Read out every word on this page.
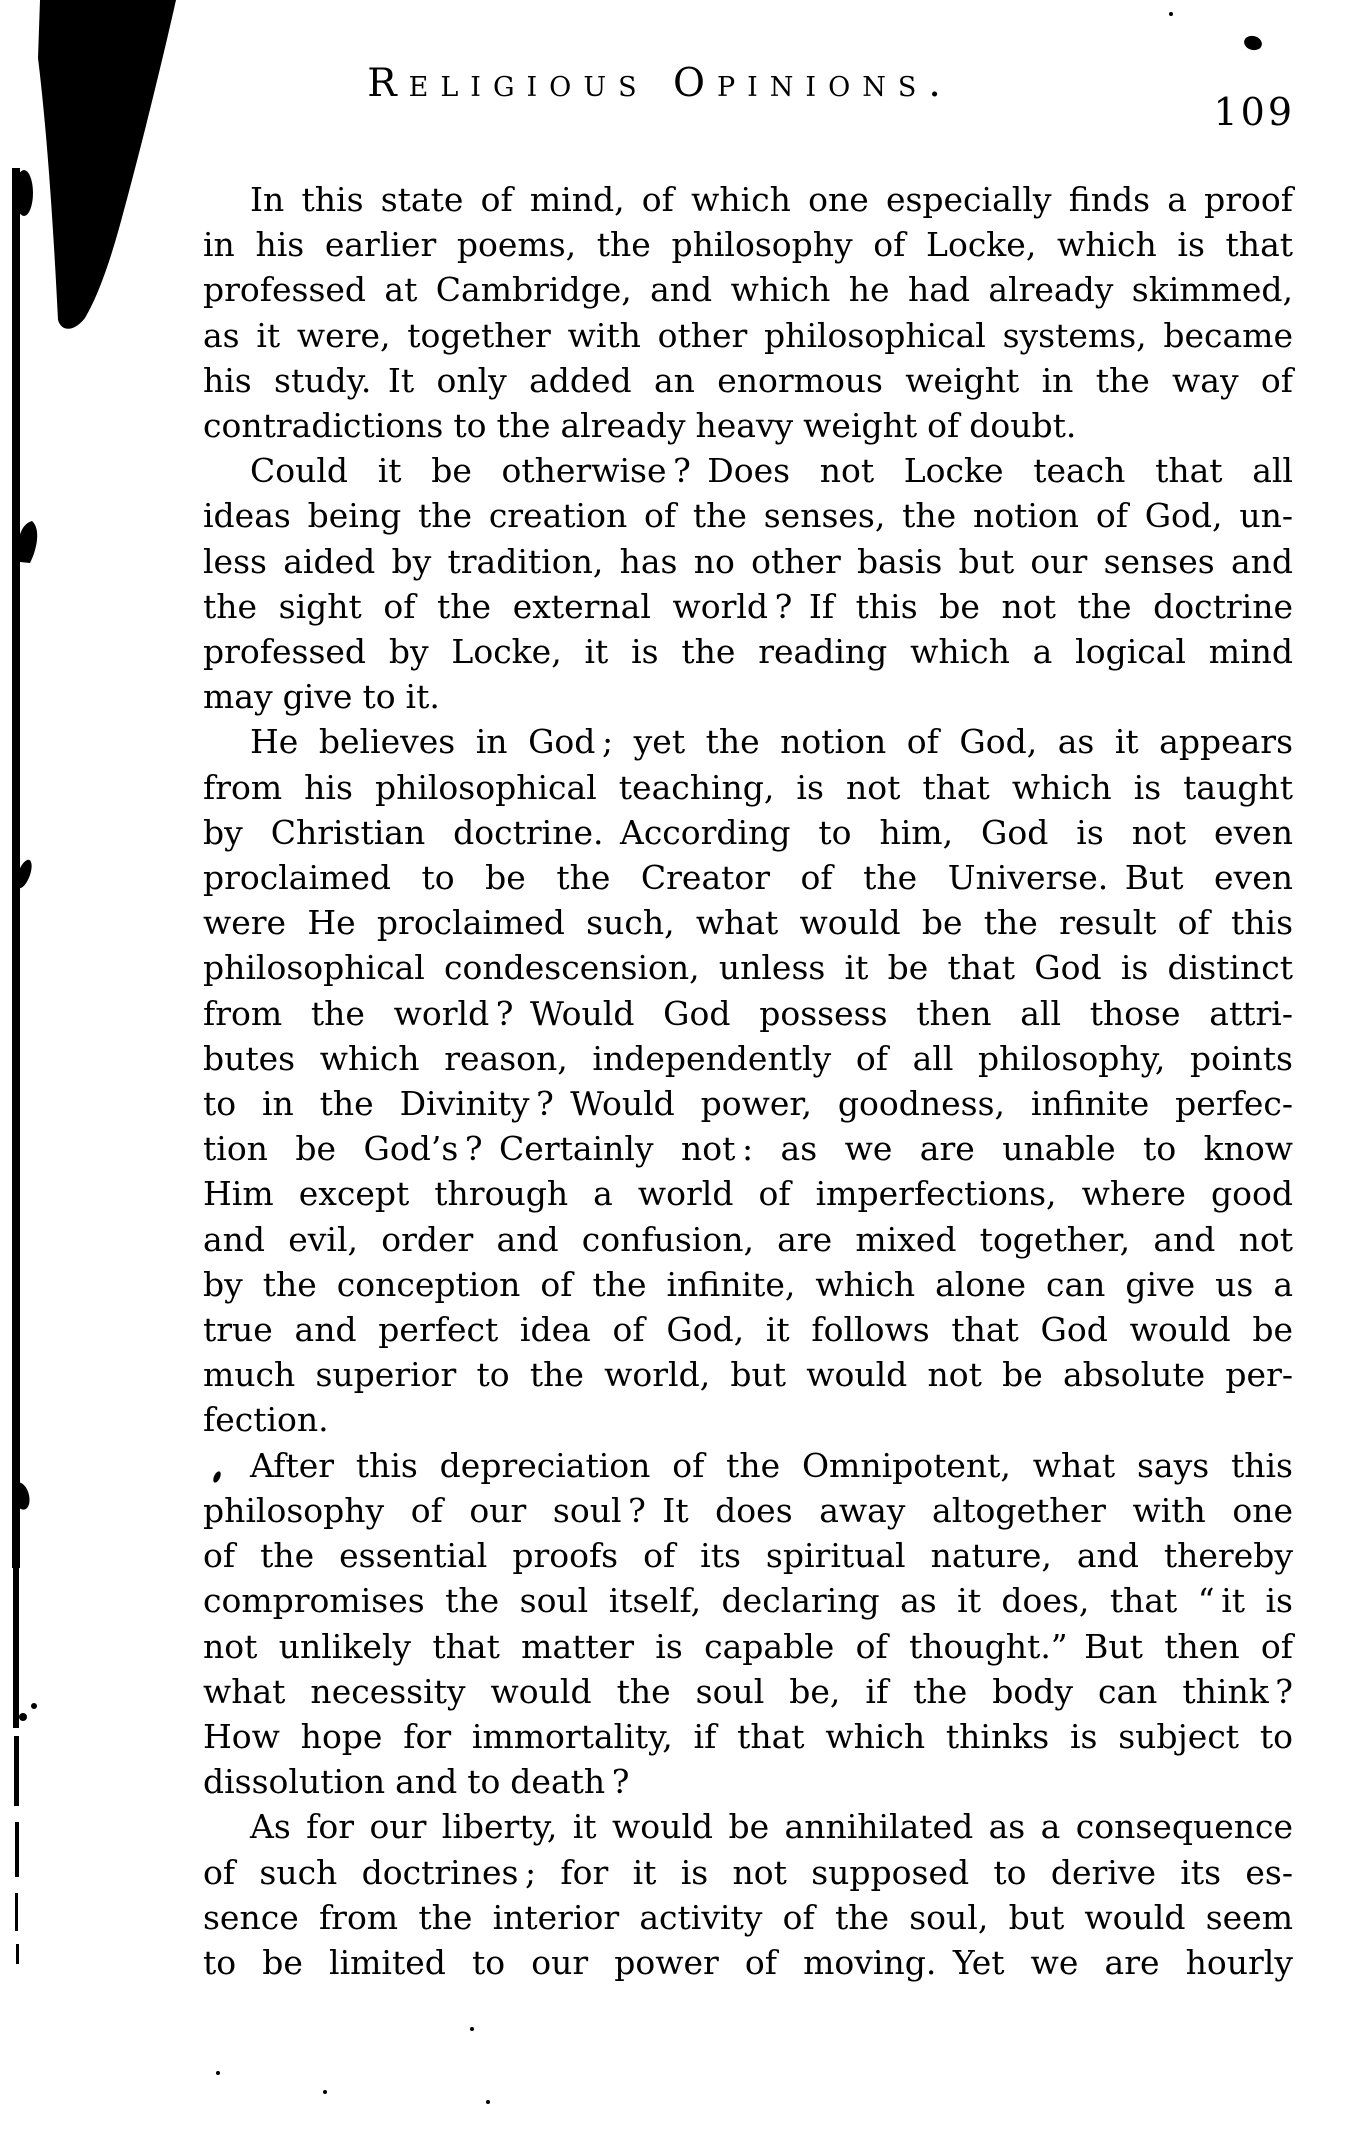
Religious Opinions.
109
In this state of mind, of which one especially finds a proof
in his earlier poems, the philosophy of Locke, which is that
professed at Cambridge, and which he had already skimmed,
as it were, together with other philosophical systems, became
his study. It only added an enormous weight in the way of
contradictions to the already heavy weight of doubt.
Could it be otherwise ? Does not Locke teach that all
ideas being the creation of the senses, the notion of God, un-
less aided by tradition, has no other basis but our senses and
the sight of the external world ? If this be not the doctrine
professed by Locke, it is the reading which a logical mind
may give to it.
He believes in God ; yet the notion of God, as it appears
from his philosophical teaching, is not that which is taught
by Christian doctrine. According to him, God is not even
proclaimed to be the Creator of the Universe. But even
were He proclaimed such, what would be the result of this
philosophical condescension, unless it be that God is distinct
from the world ? Would God possess then all those attri-
butes which reason, independently of all philosophy, points
to in the Divinity ? Would power, goodness, infinite perfec-
tion be God’s ? Certainly not : as we are unable to know
Him except through a world of imperfections, where good
and evil, order and confusion, are mixed together, and not
by the conception of the infinite, which alone can give us a
true and perfect idea of God, it follows that God would be
much superior to the world, but would not be absolute per-
fection.
After this depreciation of the Omnipotent, what says this
philosophy of our soul ? It does away altogether with one
of the essential proofs of its spiritual nature, and thereby
compromises the soul itself, declaring as it does, that “ it is
not unlikely that matter is capable of thought.” But then of
what necessity would the soul be, if the body can think ?
How hope for immortality, if that which thinks is subject to
dissolution and to death ?
As for our liberty, it would be annihilated as a consequence
of such doctrines ; for it is not supposed to derive its es-
sence from the interior activity of the soul, but would seem
to be limited to our power of moving. Yet we are hourly
